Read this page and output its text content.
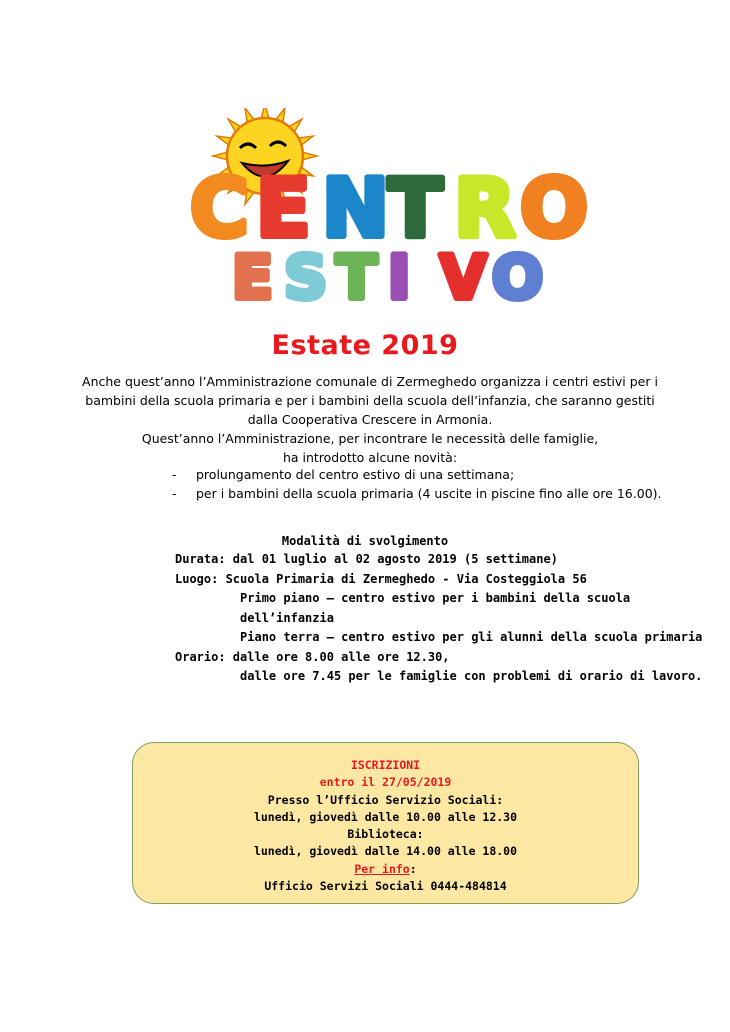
C E N T R O
E S T I V O
Estate 2019

Anche quest’anno l’Amministrazione comunale di Zermeghedo organizza i centri estivi per i

bambini della scuola primaria e per i bambini della scuola dell’infanzia, che saranno gestiti

dalla Cooperativa Crescere in Armonia.

Quest’anno l’Amministrazione, per incontrare le necessità delle famiglie,

ha introdotto alcune novità:

-	prolungamento del centro estivo di una settimana;
-	per i bambini della scuola primaria (4 uscite in piscine fino alle ore 16.00).
Modalità di svolgimento
Durata: dal 01 luglio al 02 agosto 2019 (5 settimane)
Luogo: Scuola Primaria di Zermeghedo - Via Costeggiola 56
Primo piano – centro estivo per i bambini della scuola
dell’infanzia
Piano terra – centro estivo per gli alunni della scuola primaria
Orario: dalle ore 8.00 alle ore 12.30,
dalle ore 7.45 per le famiglie con problemi di orario di lavoro.
ISCRIZIONI
entro il 27/05/2019
Presso l’Ufficio Servizio Sociali:
lunedì, giovedì dalle 10.00 alle 12.30
Biblioteca:
lunedì, giovedì dalle 14.00 alle 18.00
Per info:
Ufficio Servizi Sociali 0444-484814
